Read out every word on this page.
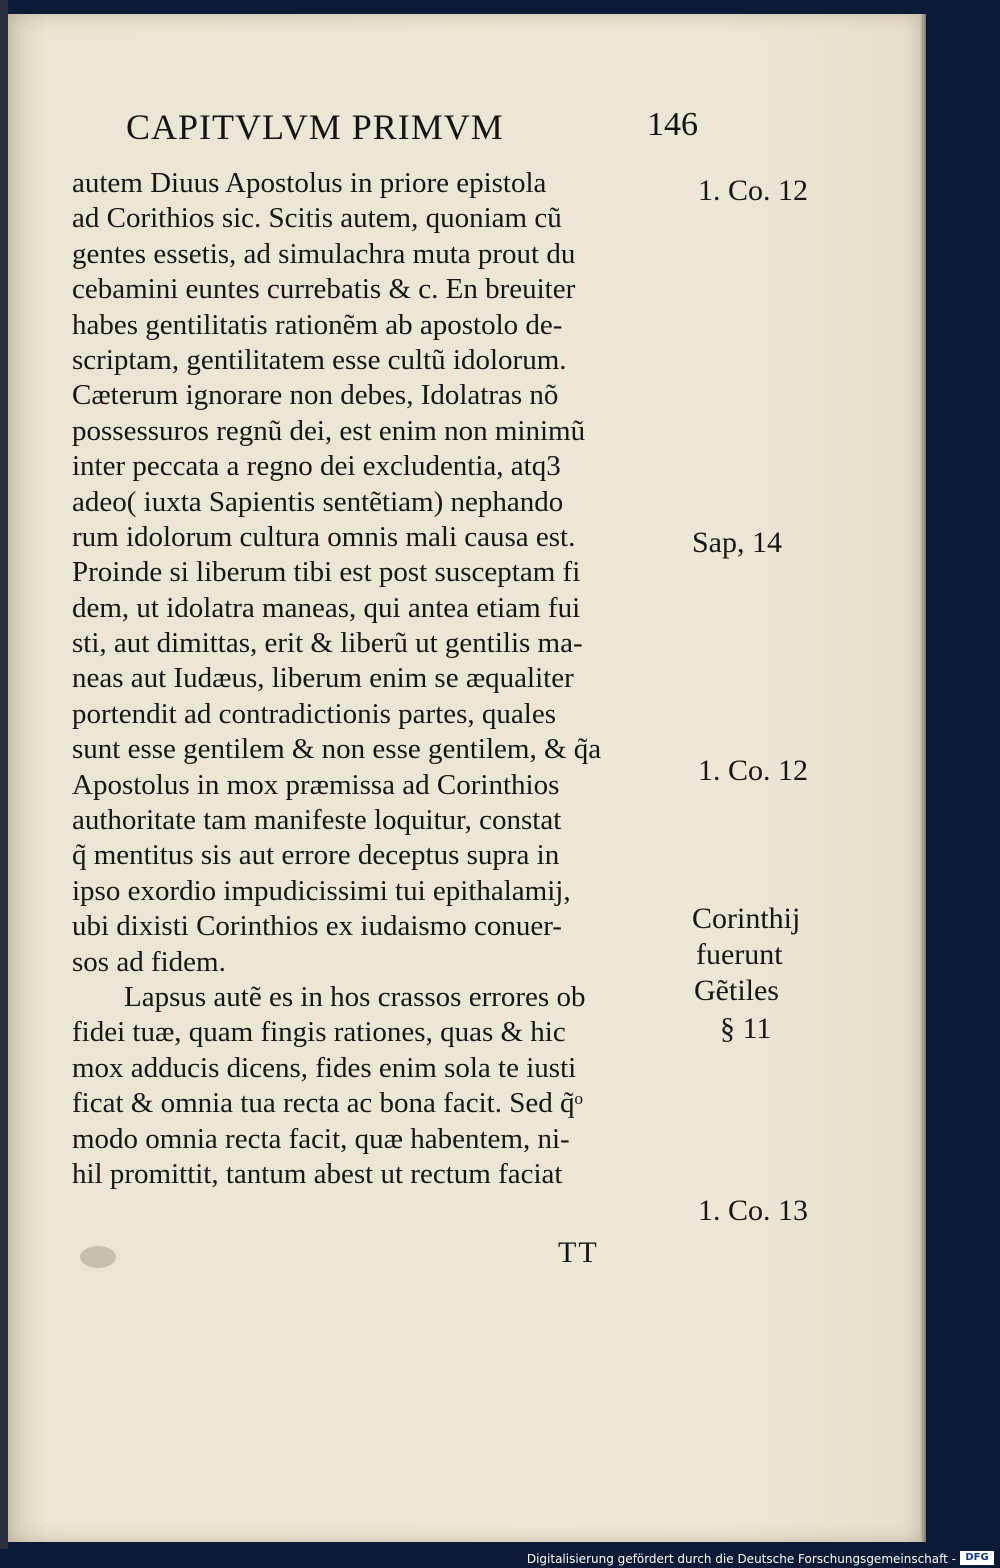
CAPITVLVM PRIMVM	146
autem Diuus Apostolus in priore epistola
ad Corithios sic. Scitis autem, quoniam cũ
gentes essetis, ad simulachra muta prout du
cebamini euntes currebatis & c. En breuiter
habes gentilitatis rationẽm ab apostolo de-
scriptam, gentilitatem esse cultũ idolorum.
Cæterum ignorare non debes, Idolatras nõ
possessuros regnũ dei, est enim non minimũ
inter peccata a regno dei excludentia, atq3
adeo( iuxta Sapientis sentẽtiam) nephando
rum idolorum cultura omnis mali causa est.
Proinde si liberum tibi est post susceptam fi
dem, ut idolatra maneas, qui antea etiam fui
sti, aut dimittas, erit & liberũ ut gentilis ma-
neas aut Iudæus, liberum enim se æqualiter
portendit ad contradictionis partes, quales
sunt esse gentilem & non esse gentilem, & q̃a
Apostolus in mox præmissa ad Corinthios
authoritate tam manifeste loquitur, constat
q̃ mentitus sis aut errore deceptus supra in
ipso exordio impudicissimi tui epithalamij,
ubi dixisti Corinthios ex iudaismo conuer-
sos ad fidem.
Lapsus autẽ es in hos crassos errores ob
fidei tuæ, quam fingis rationes, quas & hic
mox adducis dicens, fides enim sola te iusti
ficat & omnia tua recta ac bona facit. Sed q̃ᵒ
modo omnia recta facit, quæ habentem, ni-
hil promittit, tantum abest ut rectum faciat
1. Co. 12
Sap, 14
1. Co. 12
Corinthij
fuerunt
Gẽtiles
§ 11
1. Co. 13
TT
Digitalisierung gefördert durch die Deutsche Forschungsgemeinschaft - DFG
